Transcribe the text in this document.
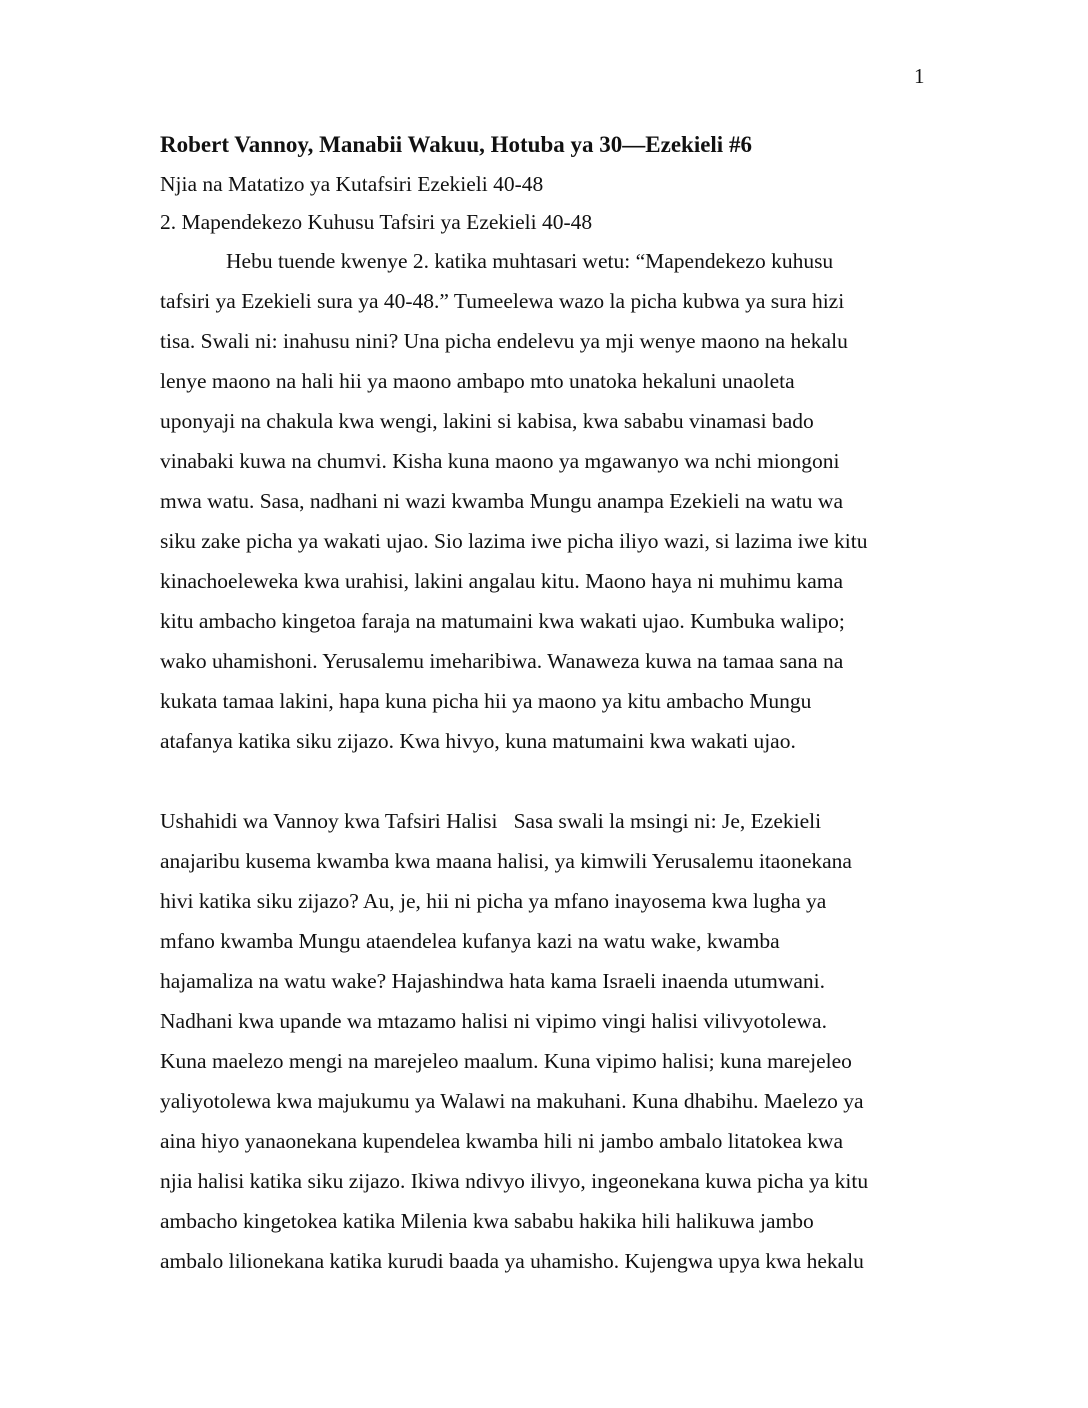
1
Robert Vannoy, Manabii Wakuu, Hotuba ya 30—Ezekieli #6
Njia na Matatizo ya Kutafsiri Ezekieli 40-48
2. Mapendekezo Kuhusu Tafsiri ya Ezekieli 40-48
Hebu tuende kwenye 2. katika muhtasari wetu: “Mapendekezo kuhusu
tafsiri ya Ezekieli sura ya 40-48.” Tumeelewa wazo la picha kubwa ya sura hizi
tisa. Swali ni: inahusu nini? Una picha endelevu ya mji wenye maono na hekalu
lenye maono na hali hii ya maono ambapo mto unatoka hekaluni unaoleta
uponyaji na chakula kwa wengi, lakini si kabisa, kwa sababu vinamasi bado
vinabaki kuwa na chumvi. Kisha kuna maono ya mgawanyo wa nchi miongoni
mwa watu. Sasa, nadhani ni wazi kwamba Mungu anampa Ezekieli na watu wa
siku zake picha ya wakati ujao. Sio lazima iwe picha iliyo wazi, si lazima iwe kitu
kinachoeleweka kwa urahisi, lakini angalau kitu. Maono haya ni muhimu kama
kitu ambacho kingetoa faraja na matumaini kwa wakati ujao. Kumbuka walipo;
wako uhamishoni. Yerusalemu imeharibiwa. Wanaweza kuwa na tamaa sana na
kukata tamaa lakini, hapa kuna picha hii ya maono ya kitu ambacho Mungu
atafanya katika siku zijazo. Kwa hivyo, kuna matumaini kwa wakati ujao.
Ushahidi wa Vannoy kwa Tafsiri Halisi   Sasa swali la msingi ni: Je, Ezekieli
anajaribu kusema kwamba kwa maana halisi, ya kimwili Yerusalemu itaonekana
hivi katika siku zijazo? Au, je, hii ni picha ya mfano inayosema kwa lugha ya
mfano kwamba Mungu ataendelea kufanya kazi na watu wake, kwamba
hajamaliza na watu wake? Hajashindwa hata kama Israeli inaenda utumwani.
Nadhani kwa upande wa mtazamo halisi ni vipimo vingi halisi vilivyotolewa.
Kuna maelezo mengi na marejeleo maalum. Kuna vipimo halisi; kuna marejeleo
yaliyotolewa kwa majukumu ya Walawi na makuhani. Kuna dhabihu. Maelezo ya
aina hiyo yanaonekana kupendelea kwamba hili ni jambo ambalo litatokea kwa
njia halisi katika siku zijazo. Ikiwa ndivyo ilivyo, ingeonekana kuwa picha ya kitu
ambacho kingetokea katika Milenia kwa sababu hakika hili halikuwa jambo
ambalo lilionekana katika kurudi baada ya uhamisho. Kujengwa upya kwa hekalu
